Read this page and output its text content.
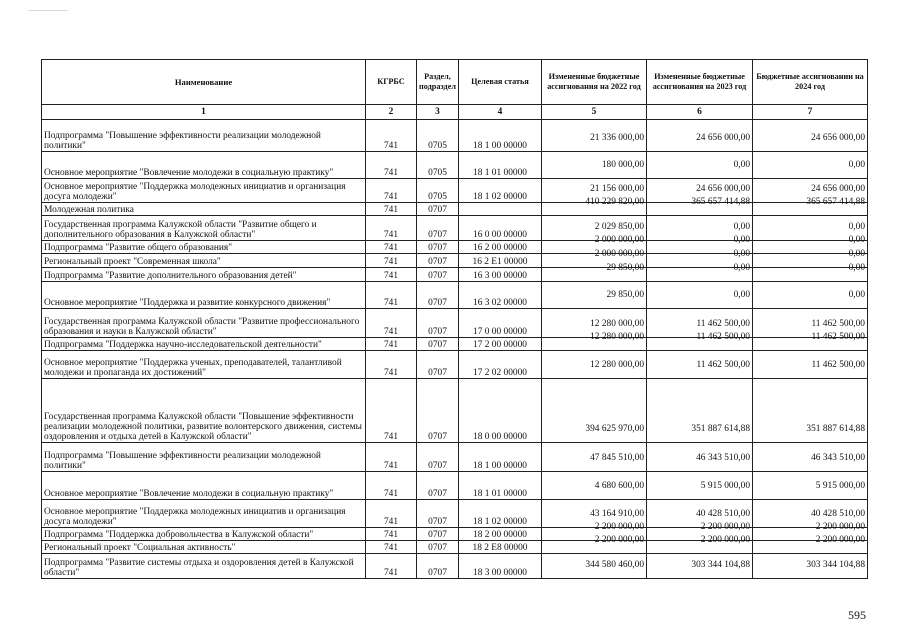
Наименование	КГРБС	Раздел, подраздел	Целевая статья	Измененные бюджетные ассигнования на 2022 год	Измененные бюджетные ассигнования на 2023 год	Бюджетные ассигновании на 2024 год
1	2	3	4	5	6	7
Подпрограмма "Повышение эффективности реализации молодежной политики"	741	0705	18 1 00 00000	21 336 000,00	24 656 000,00	24 656 000,00
Основное мероприятие "Вовлечение молодежи в социальную практику"	741	0705	18 1 01 00000	180 000,00	0,00	0,00
Основное мероприятие "Поддержка молодежных инициатив и организация досуга молодежи"	741	0705	18 1 02 00000	21 156 000,00	24 656 000,00	24 656 000,00
Молодежная политика	741	0707		410 229 820,00	365 657 414,88	365 657 414,88
Государственная программа Калужской области "Развитие общего и дополнительного образования в Калужской области"	741	0707	16 0 00 00000	2 029 850,00	0,00	0,00
Подпрограмма "Развитие общего образования"	741	0707	16 2 00 00000	2 000 000,00	0,00	0,00
Региональный проект "Современная школа"	741	0707	16 2 E1 00000	2 000 000,00	0,00	0,00
Подпрограмма "Развитие дополнительного образования детей"	741	0707	16 3 00 00000	29 850,00	0,00	0,00
Основное мероприятие "Поддержка и развитие конкурсного движения"	741	0707	16 3 02 00000	29 850,00	0,00	0,00
Государственная программа Калужской области "Развитие профессионального образования и науки в Калужской области"	741	0707	17 0 00 00000	12 280 000,00	11 462 500,00	11 462 500,00
Подпрограмма "Поддержка научно-исследовательской деятельности"	741	0707	17 2 00 00000	12 280 000,00	11 462 500,00	11 462 500,00
Основное мероприятие "Поддержка ученых, преподавателей, талантливой молодежи и пропаганда их достижений"	741	0707	17 2 02 00000	12 280 000,00	11 462 500,00	11 462 500,00
Государственная программа Калужской области "Повышение эффективности реализации молодежной политики, развитие волонтерского движения, системы оздоровления и отдыха детей в Калужской области"	741	0707	18 0 00 00000	394 625 970,00	351 887 614,88	351 887 614,88
Подпрограмма "Повышение эффективности реализации молодежной политики"	741	0707	18 1 00 00000	47 845 510,00	46 343 510,00	46 343 510,00
Основное мероприятие "Вовлечение молодежи в социальную практику"	741	0707	18 1 01 00000	4 680 600,00	5 915 000,00	5 915 000,00
Основное мероприятие "Поддержка молодежных инициатив и организация досуга молодежи"	741	0707	18 1 02 00000	43 164 910,00	40 428 510,00	40 428 510,00
Подпрограмма "Поддержка добровольчества в Калужской области"	741	0707	18 2 00 00000	2 200 000,00	2 200 000,00	2 200 000,00
Региональный проект "Социальная активность"	741	0707	18 2 E8 00000	2 200 000,00	2 200 000,00	2 200 000,00
Подпрограмма "Развитие системы отдыха и оздоровления детей в Калужской области"	741	0707	18 3 00 00000	344 580 460,00	303 344 104,88	303 344 104,88
595
